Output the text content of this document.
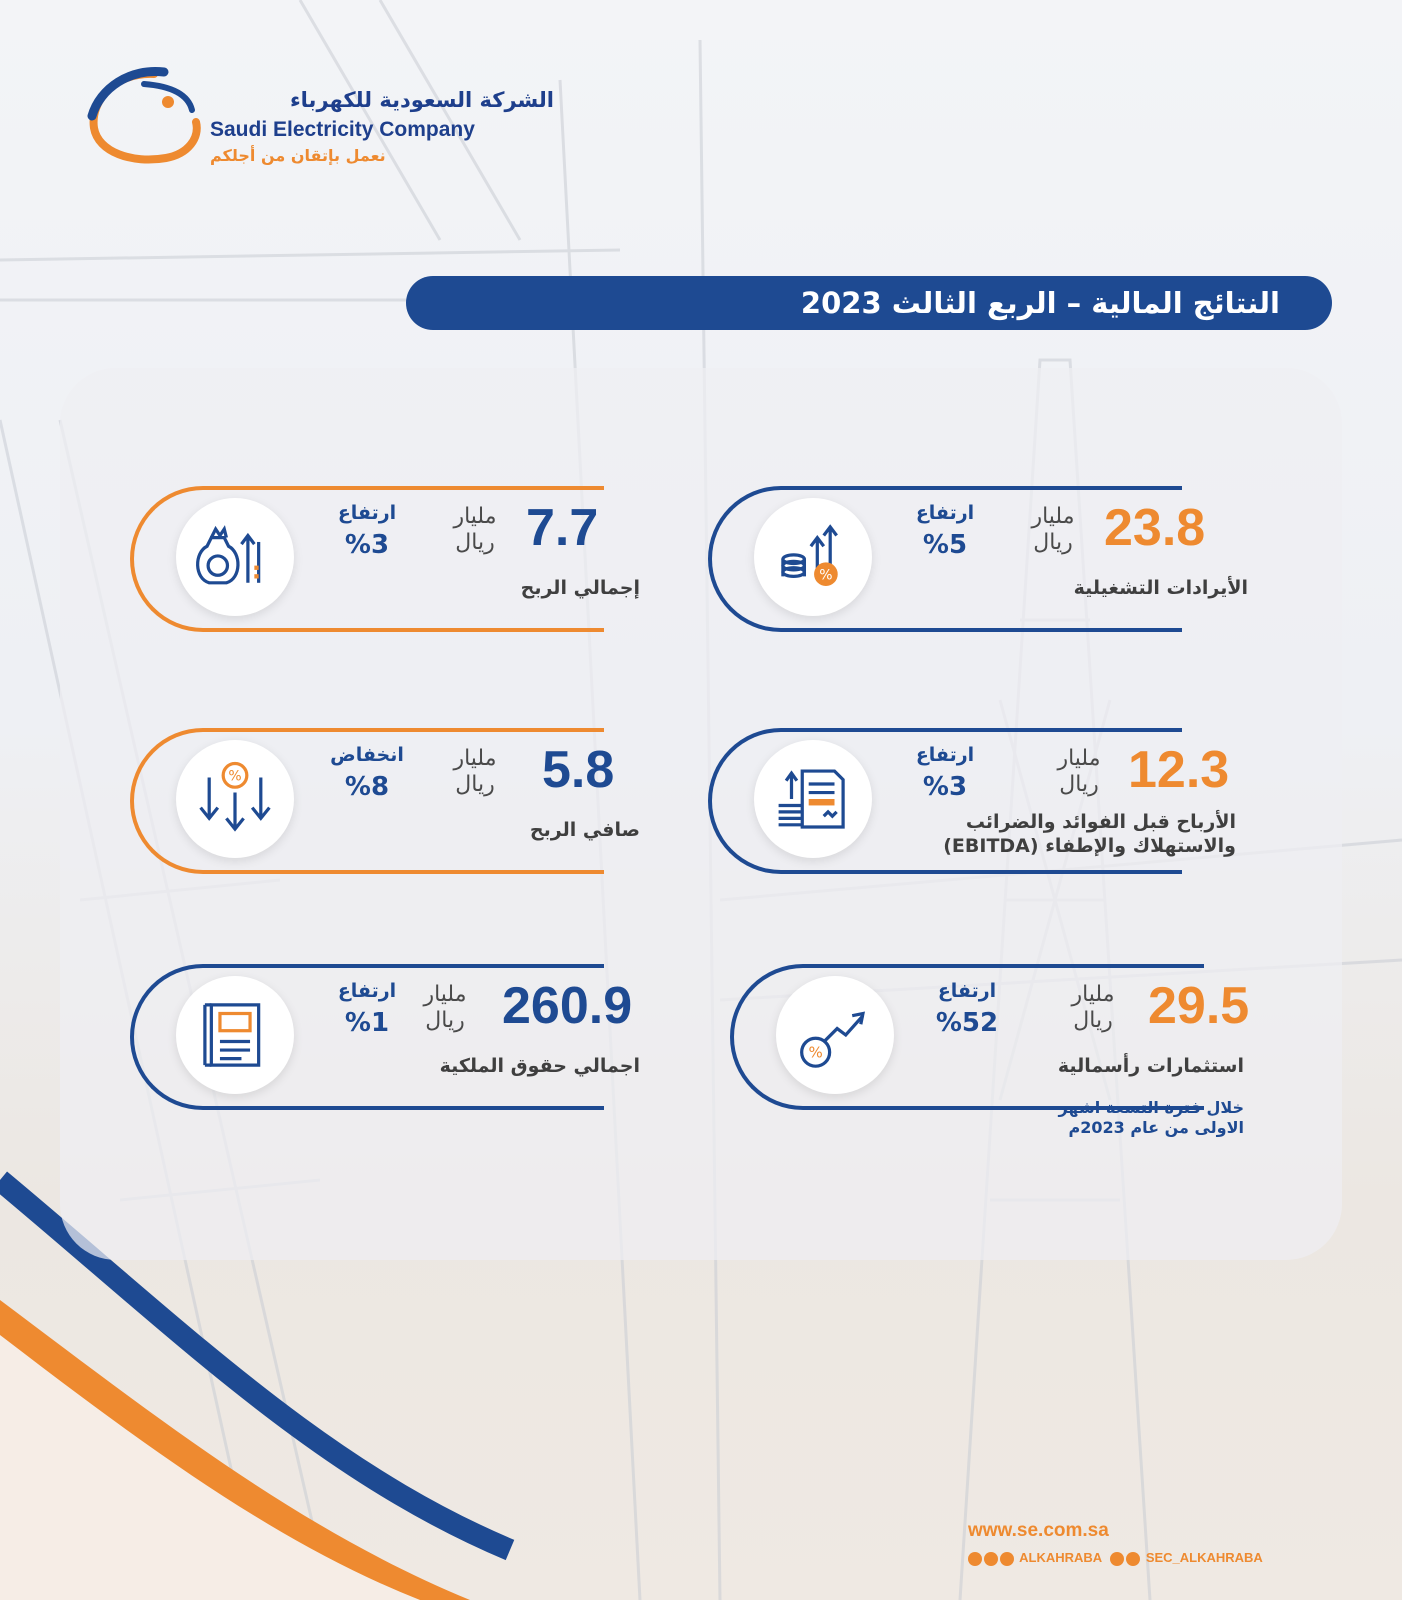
الشركة السعودية للكهرباء
Saudi Electricity Company
نعمل بإتقان من أجلكم
النتائج المالية – الربع الثالث 2023
%
ارتفاع
%5
مليار
ريال 23.8
الأيرادات التشغيلية
ارتفاع
%3
مليار
ريال 7.7
إجمالي الربح
ارتفاع
%3
مليار
ريال 12.3
الأرباح قبل الفوائد والضرائب والاستهلاك والإطفاء (EBITDA)
%
انخفاض
%8
مليار
ريال 5.8
صافي الربح
%
ارتفاع
%52
مليار
ريال 29.5
استثمارات رأسمالية
خلال فترة التسعة اشهر الاولى من عام 2023م
ارتفاع
%1
مليار
ريال 260.9
اجمالي حقوق الملكية
www.se.com.sa
ALKAHRABA	SEC_ALKAHRABA
